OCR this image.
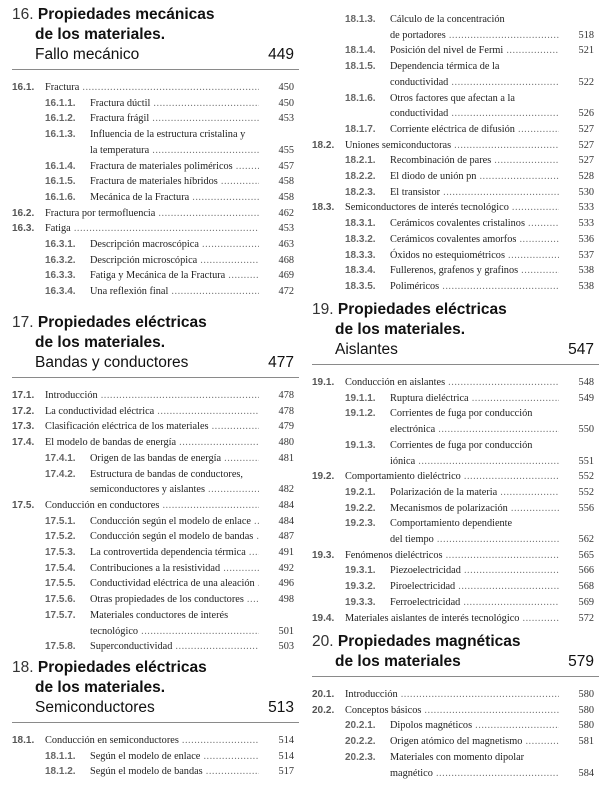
16. Propiedades mecánicas
de los materiales.
Fallo mecánico	449
16.1. Fractura .....	450
16.1.1. Fractura dúctil .....	450
16.1.2. Fractura frágil .....	453
16.1.3. Influencia de la estructura cristalina y
la temperatura .....	455
16.1.4. Fractura de materiales poliméricos .....	457
16.1.5. Fractura de materiales híbridos .....	458
16.1.6. Mecánica de la Fractura .....	458
16.2. Fractura por termofluencia .....	462
16.3. Fatiga .....	453
16.3.1. Descripción macroscópica .....	463
16.3.2. Descripción microscópica .....	468
16.3.3. Fatiga y Mecánica de la Fractura .....	469
16.3.4. Una reflexión final .....	472
17. Propiedades eléctricas
de los materiales.
Bandas y conductores	477
17.1. Introducción .....	478
17.2. La conductividad eléctrica .....	478
17.3. Clasificación eléctrica de los materiales .....	479
17.4. El modelo de bandas de energía .....	480
17.4.1. Origen de las bandas de energía .....	481
17.4.2. Estructura de bandas de conductores,
semiconductores y aislantes .....	482
17.5. Conducción en conductores .....	484
17.5.1. Conducción según el modelo de enlace .....	484
17.5.2. Conducción según el modelo de bandas .....	487
17.5.3. La controvertida dependencia térmica .....	491
17.5.4. Contribuciones a la resistividad .....	492
17.5.5. Conductividad eléctrica de una aleación .....	496
17.5.6. Otras propiedades de los conductores .....	498
17.5.7. Materiales conductores de interés
tecnológico .....	501
17.5.8. Superconductividad .....	503
18. Propiedades eléctricas
de los materiales.
Semiconductores	513
18.1. Conducción en semiconductores .....	514
18.1.1. Según el modelo de enlace .....	514
18.1.2. Según el modelo de bandas .....	517
18.1.3. Cálculo de la concentración
de portadores .....	518
18.1.4. Posición del nivel de Fermi .....	521
18.1.5. Dependencia térmica de la
conductividad .....	522
18.1.6. Otros factores que afectan a la
conductividad .....	526
18.1.7. Corriente eléctrica de difusión .....	527
18.2. Uniones semiconductoras .....	527
18.2.1. Recombinación de pares .....	527
18.2.2. El diodo de unión pn .....	528
18.2.3. El transistor .....	530
18.3. Semiconductores de interés tecnológico .....	533
18.3.1. Cerámicos covalentes cristalinos .....	533
18.3.2. Cerámicos covalentes amorfos .....	536
18.3.3. Óxidos no estequiométricos .....	537
18.3.4. Fullerenos, grafenos y grafinos .....	538
18.3.5. Poliméricos .....	538
19. Propiedades eléctricas
de los materiales.
Aislantes	547
19.1. Conducción en aislantes .....	548
19.1.1. Ruptura dieléctrica .....	549
19.1.2. Corrientes de fuga por conducción
electrónica .....	550
19.1.3. Corrientes de fuga por conducción
iónica .....	551
19.2. Comportamiento dieléctrico .....	552
19.2.1. Polarización de la materia .....	552
19.2.2. Mecanismos de polarización .....	556
19.2.3. Comportamiento dependiente
del tiempo .....	562
19.3. Fenómenos dieléctricos .....	565
19.3.1. Piezoelectricidad .....	566
19.3.2. Piroelectricidad .....	568
19.3.3. Ferroelectricidad .....	569
19.4. Materiales aislantes de interés tecnológico .....	572
20. Propiedades magnéticas
de los materiales	579
20.1. Introducción .....	580
20.2. Conceptos básicos .....	580
20.2.1. Dipolos magnéticos .....	580
20.2.2. Origen atómico del magnetismo .....	581
20.2.3. Materiales con momento dipolar
magnético .....	584
